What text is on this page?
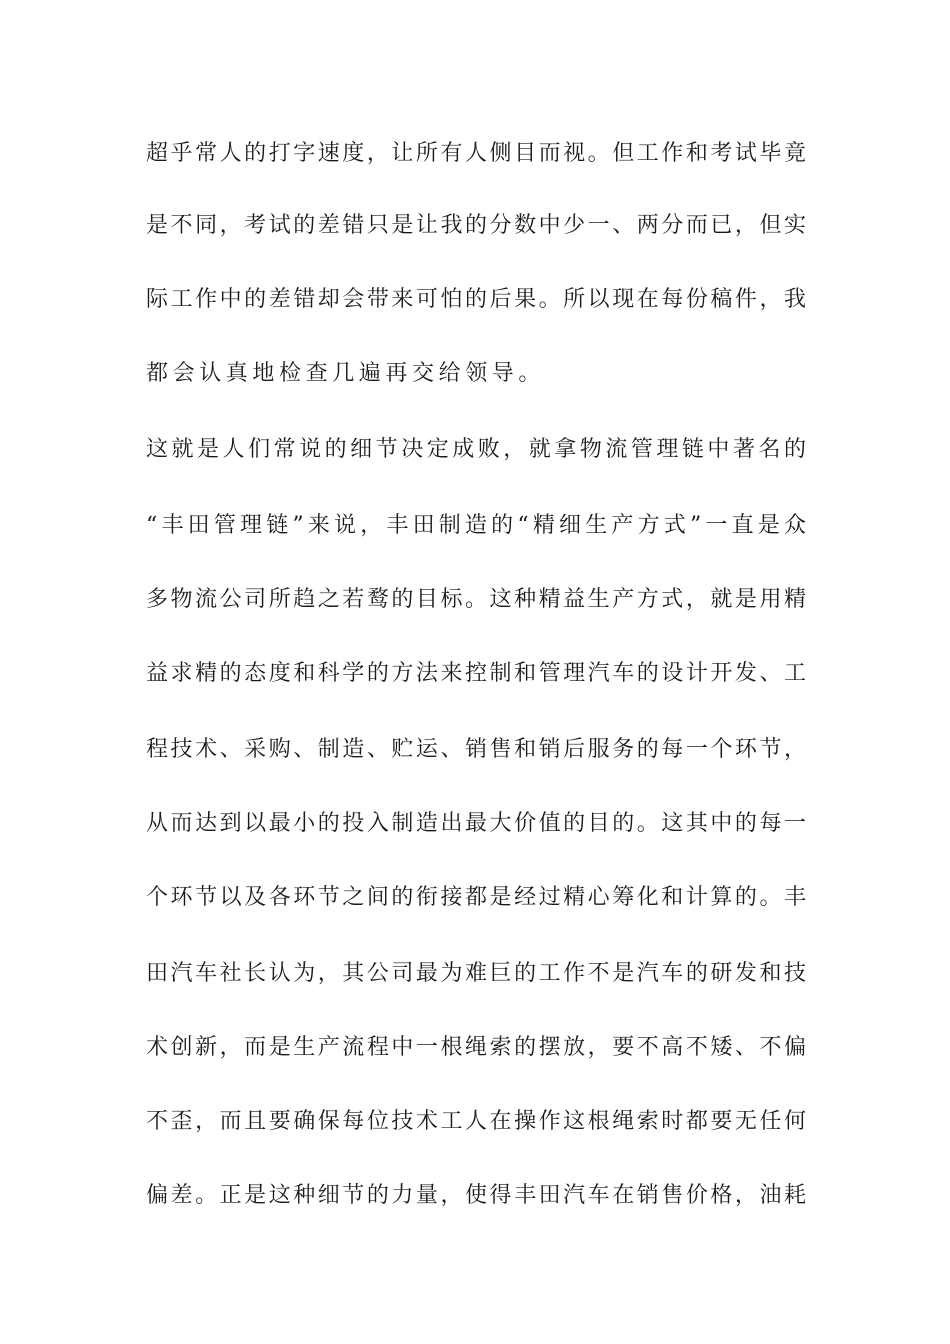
超乎常人的打字速度，让所有人侧目而视。但工作和考试毕竟
是不同，考试的差错只是让我的分数中少一、两分而已，但实
际工作中的差错却会带来可怕的后果。所以现在每份稿件，我
都会认真地检查几遍再交给领导。
这就是人们常说的细节决定成败，就拿物流管理链中著名的
“丰田管理链”来说，丰田制造的“精细生产方式”一直是众
多物流公司所趋之若鹜的目标。这种精益生产方式，就是用精
益求精的态度和科学的方法来控制和管理汽车的设计开发、工
程技术、采购、制造、贮运、销售和销后服务的每一个环节，
从而达到以最小的投入制造出最大价值的目的。这其中的每一
个环节以及各环节之间的衔接都是经过精心筹化和计算的。丰
田汽车社长认为，其公司最为难巨的工作不是汽车的研发和技
术创新，而是生产流程中一根绳索的摆放，要不高不矮、不偏
不歪，而且要确保每位技术工人在操作这根绳索时都要无任何
偏差。正是这种细节的力量，使得丰田汽车在销售价格，油耗
